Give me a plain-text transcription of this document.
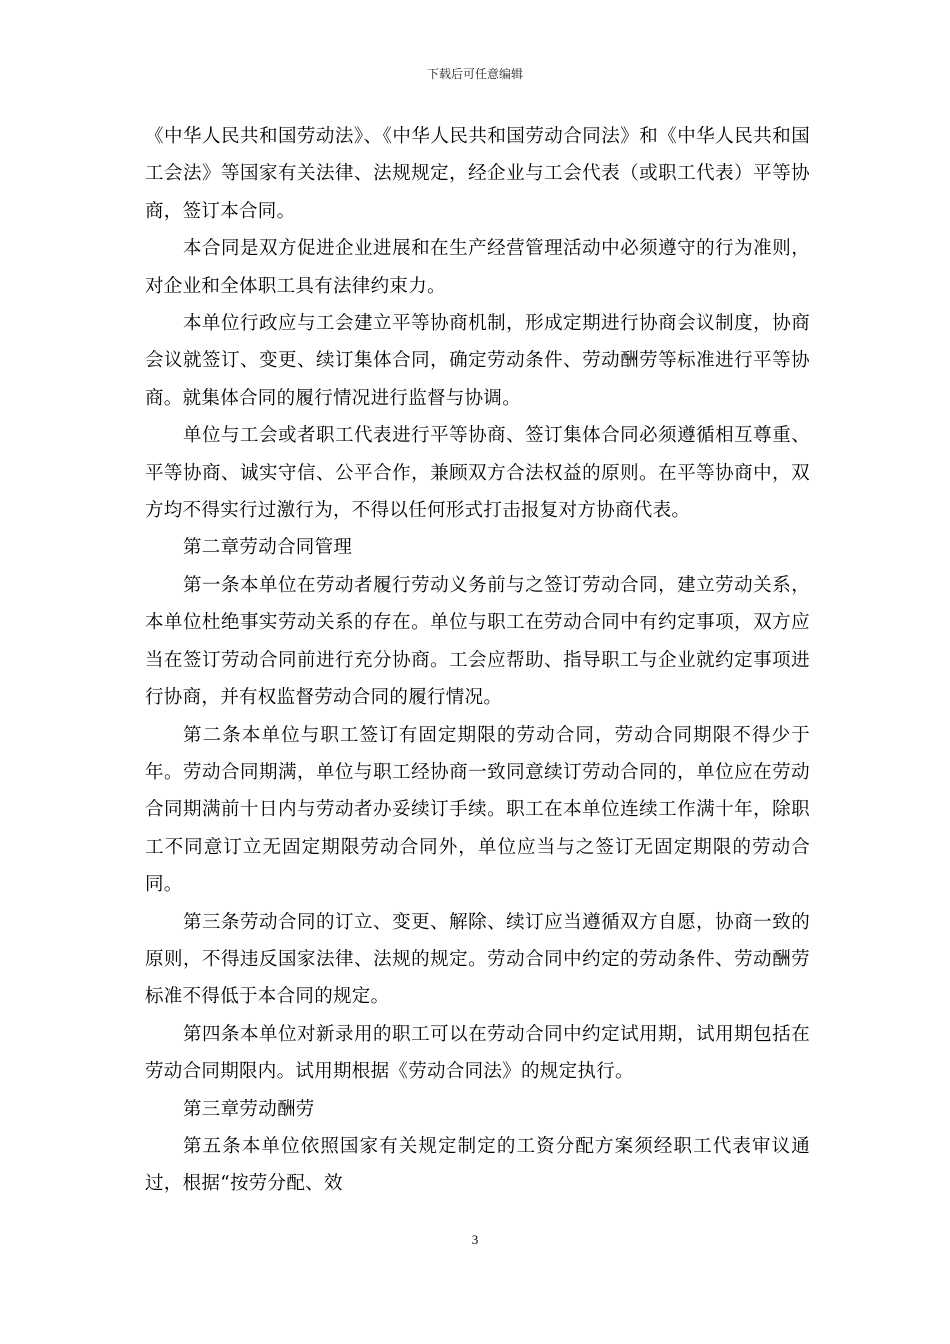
下载后可任意编辑

《中华人民共和国劳动法》、《中华人民共和国劳动合同法》和《中华人民共和国工会法》等国家有关法律、法规规定，经企业与工会代表（或职工代表）平等协商，签订本合同。

本合同是双方促进企业进展和在生产经营管理活动中必须遵守的行为准则，对企业和全体职工具有法律约束力。

本单位行政应与工会建立平等协商机制，形成定期进行协商会议制度，协商会议就签订、变更、续订集体合同，确定劳动条件、劳动酬劳等标准进行平等协商。就集体合同的履行情况进行监督与协调。

单位与工会或者职工代表进行平等协商、签订集体合同必须遵循相互尊重、平等协商、诚实守信、公平合作，兼顾双方合法权益的原则。在平等协商中，双方均不得实行过激行为，不得以任何形式打击报复对方协商代表。

第二章劳动合同管理

第一条本单位在劳动者履行劳动义务前与之签订劳动合同，建立劳动关系，本单位杜绝事实劳动关系的存在。单位与职工在劳动合同中有约定事项，双方应当在签订劳动合同前进行充分协商。工会应帮助、指导职工与企业就约定事项进行协商，并有权监督劳动合同的履行情况。

第二条本单位与职工签订有固定期限的劳动合同，劳动合同期限不得少于年。劳动合同期满，单位与职工经协商一致同意续订劳动合同的，单位应在劳动合同期满前十日内与劳动者办妥续订手续。职工在本单位连续工作满十年，除职工不同意订立无固定期限劳动合同外，单位应当与之签订无固定期限的劳动合同。

第三条劳动合同的订立、变更、解除、续订应当遵循双方自愿，协商一致的原则，不得违反国家法律、法规的规定。劳动合同中约定的劳动条件、劳动酬劳标准不得低于本合同的规定。

第四条本单位对新录用的职工可以在劳动合同中约定试用期，试用期包括在劳动合同期限内。试用期根据《劳动合同法》的规定执行。

第三章劳动酬劳

第五条本单位依照国家有关规定制定的工资分配方案须经职工代表审议通过，根据“按劳分配、效

3
